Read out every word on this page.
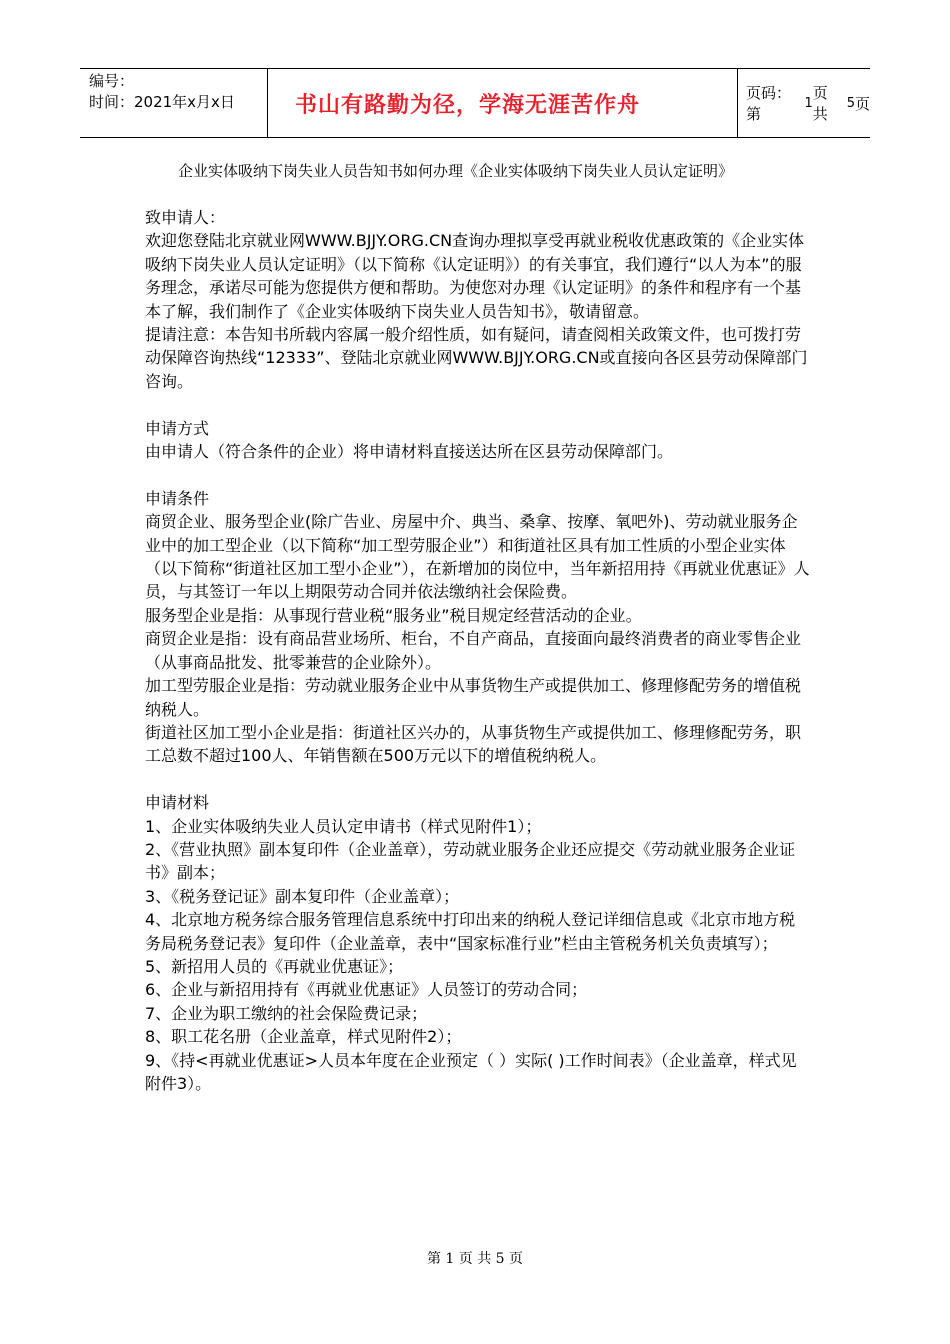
编号：
时间：2021年x月x日	书山有路勤为径，学海无涯苦作舟	页码：第
1
页 共
5 页
企业实体吸纳下岗失业人员告知书如何办理《企业实体吸纳下岗失业人员认定证明》

致申请人：

欢迎您登陆北京就业网WWW.BJJY.ORG.CN查询办理拟享受再就业税收优惠政策的《企业实体吸纳下岗失业人员认定证明》（以下简称《认定证明》）的有关事宜，我们遵行“以人为本”的服务理念，承诺尽可能为您提供方便和帮助。为使您对办理《认定证明》的条件和程序有一个基本了解，我们制作了《企业实体吸纳下岗失业人员告知书》，敬请留意。

提请注意：本告知书所载内容属一般介绍性质，如有疑问，请查阅相关政策文件，也可拨打劳动保障咨询热线“12333”、登陆北京就业网WWW.BJJY.ORG.CN或直接向各区县劳动保障部门咨询。

申请方式

由申请人（符合条件的企业）将申请材料直接送达所在区县劳动保障部门。

申请条件

商贸企业、服务型企业(除广告业、房屋中介、典当、桑拿、按摩、氧吧外)、劳动就业服务企业中的加工型企业（以下简称“加工型劳服企业”）和街道社区具有加工性质的小型企业实体（以下简称“街道社区加工型小企业”），在新增加的岗位中，当年新招用持《再就业优惠证》人员，与其签订一年以上期限劳动合同并依法缴纳社会保险费。

服务型企业是指：从事现行营业税“服务业”税目规定经营活动的企业。

商贸企业是指：设有商品营业场所、柜台，不自产商品，直接面向最终消费者的商业零售企业（从事商品批发、批零兼营的企业除外）。

加工型劳服企业是指：劳动就业服务企业中从事货物生产或提供加工、修理修配劳务的增值税纳税人。

街道社区加工型小企业是指：街道社区兴办的，从事货物生产或提供加工、修理修配劳务，职工总数不超过100人、年销售额在500万元以下的增值税纳税人。

申请材料

1、企业实体吸纳失业人员认定申请书（样式见附件1）；

2、《营业执照》副本复印件（企业盖章），劳动就业服务企业还应提交《劳动就业服务企业证书》副本；

3、《税务登记证》副本复印件（企业盖章）；

4、北京地方税务综合服务管理信息系统中打印出来的纳税人登记详细信息或《北京市地方税务局税务登记表》复印件（企业盖章，表中“国家标准行业”栏由主管税务机关负责填写）；

5、新招用人员的《再就业优惠证》；

6、企业与新招用持有《再就业优惠证》人员签订的劳动合同；

7、企业为职工缴纳的社会保险费记录；

8、职工花名册（企业盖章，样式见附件2）；

9、《持<再就业优惠证>人员本年度在企业预定（ ）实际( )工作时间表》（企业盖章，样式见附件3）。

第 1 页 共 5 页
